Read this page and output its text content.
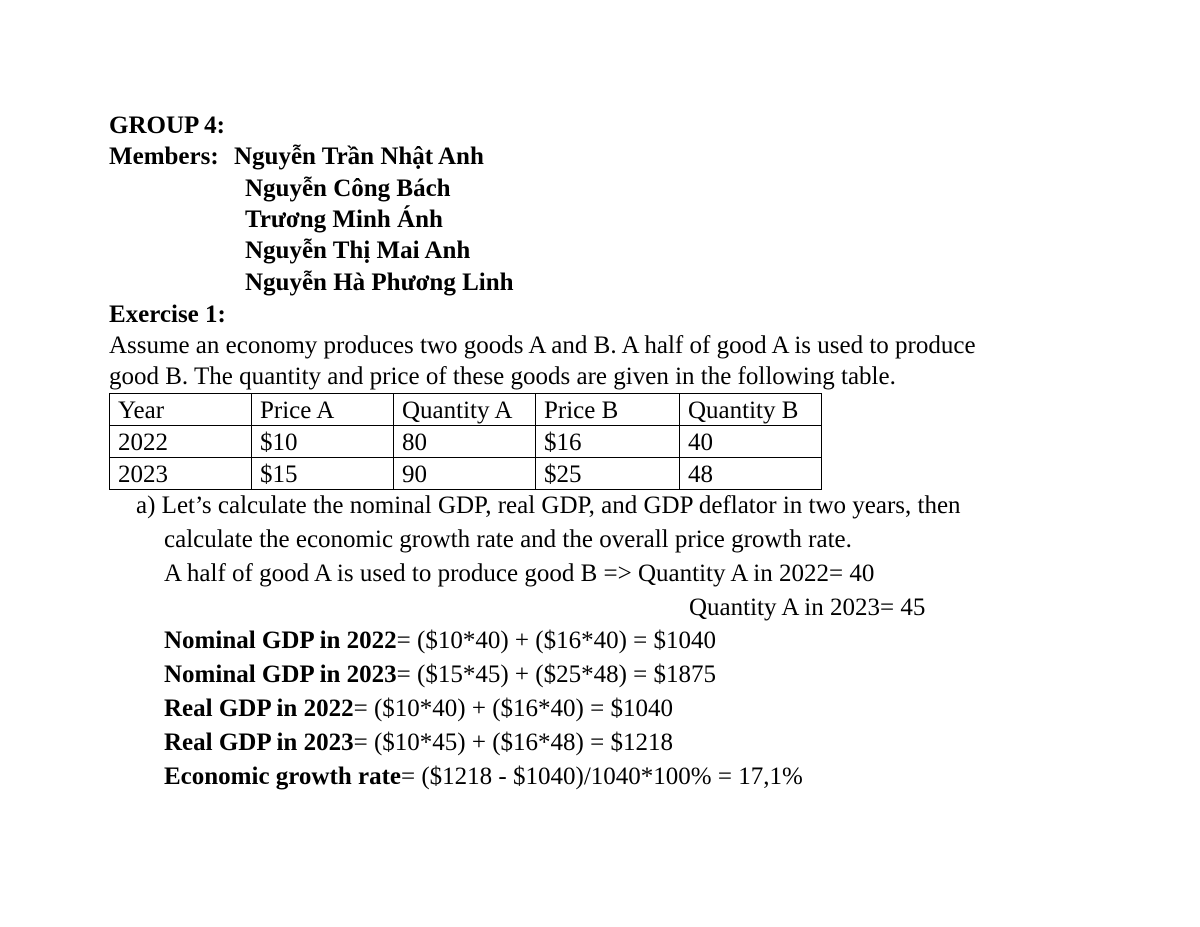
GROUP 4:
Members: Nguyễn Trần Nhật Anh
Nguyễn Công Bách
Trương Minh Ánh
Nguyễn Thị Mai Anh
Nguyễn Hà Phương Linh
Exercise 1:
Assume an economy produces two goods A and B. A half of good A is used to produce
good B. The quantity and price of these goods are given in the following table.
Year	Price A	Quantity A	Price B	Quantity B
2022	$10	80	$16	40
2023	$15	90	$25	48
a) Let’s calculate the nominal GDP, real GDP, and GDP deflator in two years, then
calculate the economic growth rate and the overall price growth rate.
A half of good A is used to produce good B => Quantity A in 2022= 40
Quantity A in 2023= 45
Nominal GDP in 2022= ($10*40) + ($16*40) = $1040
Nominal GDP in 2023= ($15*45) + ($25*48) = $1875
Real GDP in 2022= ($10*40) + ($16*40) = $1040
Real GDP in 2023= ($10*45) + ($16*48) = $1218
Economic growth rate= ($1218 - $1040)/1040*100% = 17,1%
